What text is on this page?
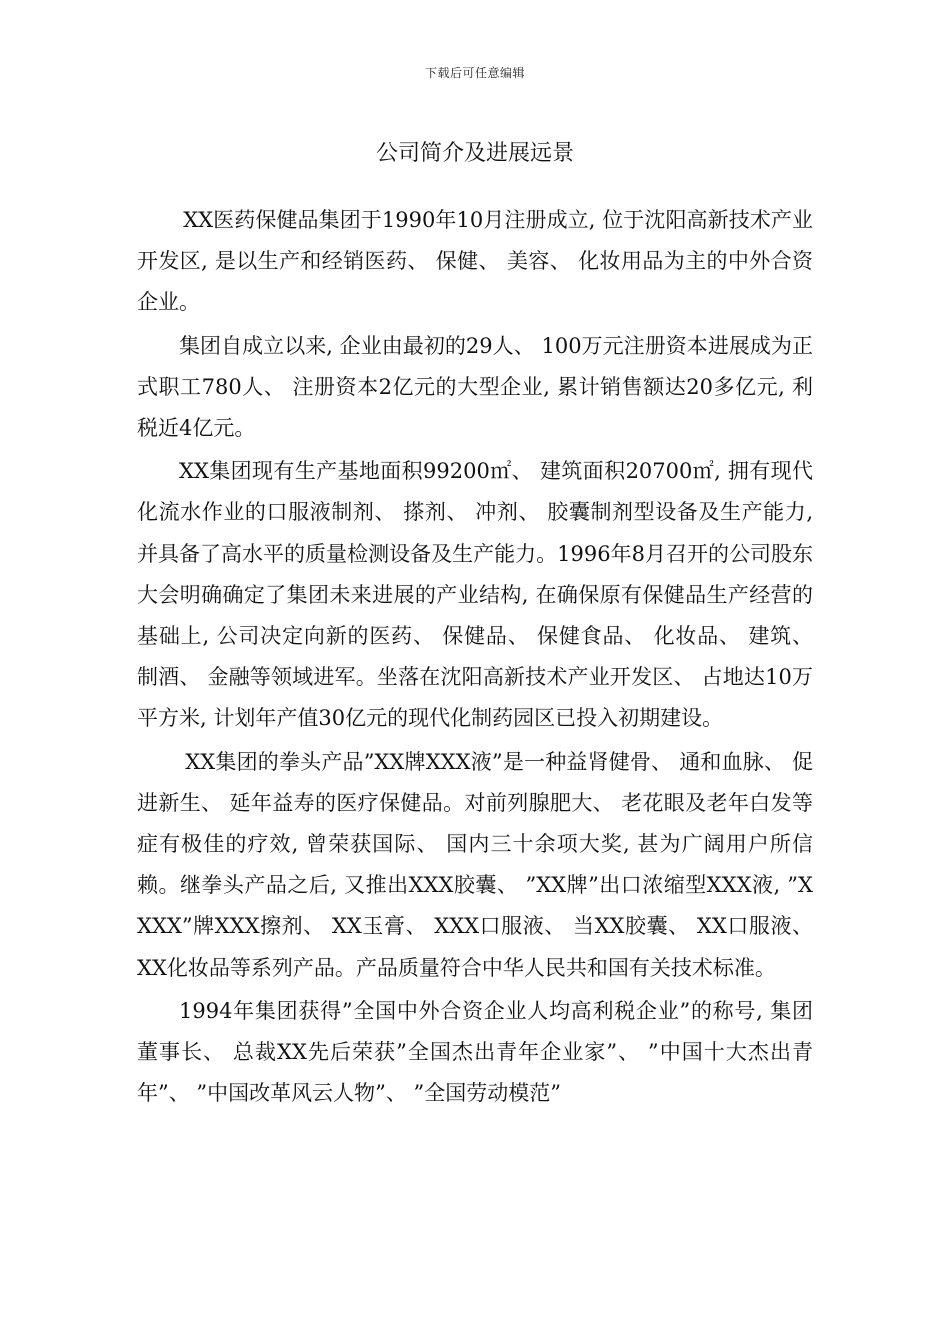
下载后可任意编辑
公司简介及进展远景

XX医药保健品集团于1990年10月注册成立, 位于沈阳高新技术产业开发区, 是以生产和经销医药、 保健、 美容、 化妆用品为主的中外合资企业。

集团自成立以来, 企业由最初的29人、 100万元注册资本进展成为正式职工780人、 注册资本2亿元的大型企业, 累计销售额达20多亿元, 利税近4亿元。

XX集团现有生产基地面积99200㎡、 建筑面积20700㎡, 拥有现代化流水作业的口服液制剂、 搽剂、 冲剂、 胶囊制剂型设备及生产能力, 并具备了高水平的质量检测设备及生产能力。1996年8月召开的公司股东大会明确确定了集团未来进展的产业结构, 在确保原有保健品生产经营的基础上, 公司决定向新的医药、 保健品、 保健食品、 化妆品、 建筑、 制酒、 金融等领域进军。坐落在沈阳高新技术产业开发区、 占地达10万平方米, 计划年产值30亿元的现代化制药园区已投入初期建设。

XX集团的拳头产品”XX牌XXX液”是一种益肾健骨、 通和血脉、 促进新生、 延年益寿的医疗保健品。对前列腺肥大、 老花眼及老年白发等症有极佳的疗效, 曾荣获国际、 国内三十余项大奖, 甚为广阔用户所信赖。继拳头产品之后, 又推出XXX胶囊、 ”XX牌”出口浓缩型XXX液, ”XXXX”牌XXX擦剂、 XX玉膏、 XXX口服液、 当XX胶囊、 XX口服液、 XX化妆品等系列产品。产品质量符合中华人民共和国有关技术标准。

1994年集团获得”全国中外合资企业人均高利税企业”的称号, 集团董事长、 总裁XX先后荣获”全国杰出青年企业家”、 ”中国十大杰出青年”、 ”中国改革风云人物”、 ”全国劳动模范”
